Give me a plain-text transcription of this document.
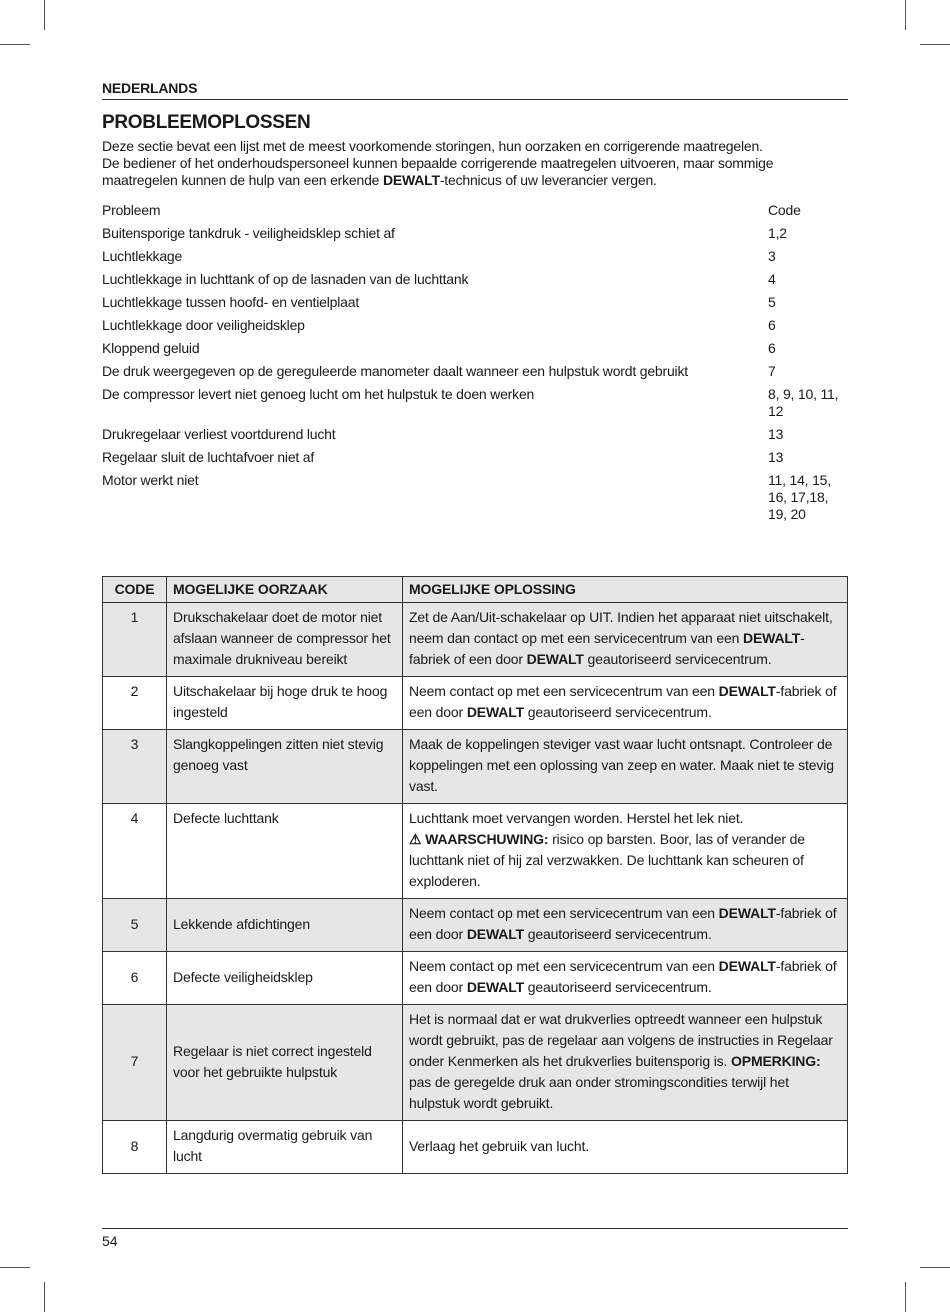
NEDERLANDS
PROBLEEMOPLOSSEN

Deze sectie bevat een lijst met de meest voorkomende storingen, hun oorzaken en corrigerende maatregelen.

De bediener of het onderhoudspersoneel kunnen bepaalde corrigerende maatregelen uitvoeren, maar sommige

maatregelen kunnen de hulp van een erkende DEWALT-technicus of uw leverancier vergen.

Probleem	Code
Buitensporige tankdruk - veiligheidsklep schiet af	1,2
Luchtlekkage	3
Luchtlekkage in luchttank of op de lasnaden van de luchttank	4
Luchtlekkage tussen hoofd- en ventielplaat	5
Luchtlekkage door veiligheidsklep	6
Kloppend geluid	6
De druk weergegeven op de gereguleerde manometer daalt wanneer een hulpstuk wordt gebruikt	7
De compressor levert niet genoeg lucht om het hulpstuk te doen werken	8, 9, 10, 11, 12
Drukregelaar verliest voortdurend lucht	13
Regelaar sluit de luchtafvoer niet af	13
Motor werkt niet	11, 14, 15, 16, 17,18, 19, 20
CODE	MOGELIJKE OORZAAK	MOGELIJKE OPLOSSING
1	Drukschakelaar doet de motor niet afslaan wanneer de compressor het maximale drukniveau bereikt	Zet de Aan/Uit-schakelaar op UIT. Indien het apparaat niet uitschakelt, neem dan contact op met een servicecentrum van een DEWALT-fabriek of een door DEWALT geautoriseerd servicecentrum.
2	Uitschakelaar bij hoge druk te hoog ingesteld	Neem contact op met een servicecentrum van een DEWALT-fabriek of een door DEWALT geautoriseerd servicecentrum.
3	Slangkoppelingen zitten niet stevig genoeg vast	Maak de koppelingen steviger vast waar lucht ontsnapt. Controleer de koppelingen met een oplossing van zeep en water. Maak niet te stevig vast.
4	Defecte luchttank	Luchttank moet vervangen worden. Herstel het lek niet.
⚠ WAARSCHUWING: risico op barsten. Boor, las of verander de luchttank niet of hij zal verzwakken. De luchttank kan scheuren of exploderen.
5	Lekkende afdichtingen	Neem contact op met een servicecentrum van een DEWALT-fabriek of een door DEWALT geautoriseerd servicecentrum.
6	Defecte veiligheidsklep	Neem contact op met een servicecentrum van een DEWALT-fabriek of een door DEWALT geautoriseerd servicecentrum.
7	Regelaar is niet correct ingesteld voor het gebruikte hulpstuk	Het is normaal dat er wat drukverlies optreedt wanneer een hulpstuk wordt gebruikt, pas de regelaar aan volgens de instructies in Regelaar onder Kenmerken als het drukverlies buitensporig is. OPMERKING: pas de geregelde druk aan onder stromingscondities terwijl het hulpstuk wordt gebruikt.
8	Langdurig overmatig gebruik van lucht	Verlaag het gebruik van lucht.
54
